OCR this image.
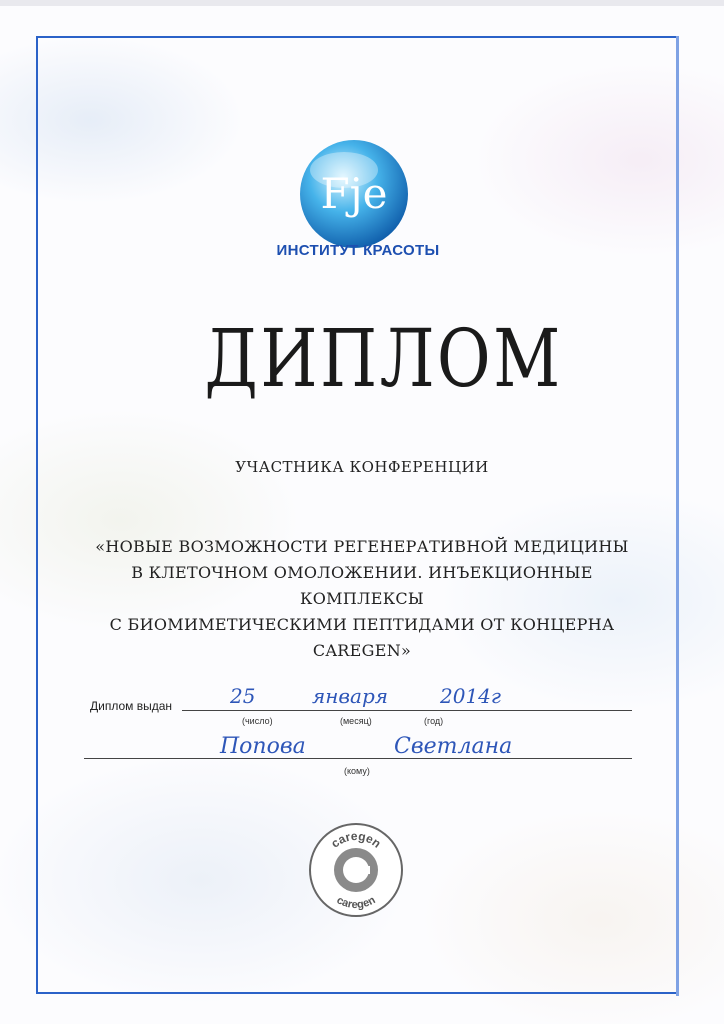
Fje
ИНСТИТУТ КРАСОТЫ
ДИПЛОМ
УЧАСТНИКА КОНФЕРЕНЦИИ
«НОВЫЕ ВОЗМОЖНОСТИ РЕГЕНЕРАТИВНОЙ МЕДИЦИНЫ
В КЛЕТОЧНОМ ОМОЛОЖЕНИИ. ИНЪЕКЦИОННЫЕ КОМПЛЕКСЫ
С БИОМИМЕТИЧЕСКИМИ ПЕПТИДАМИ ОТ КОНЦЕРНА CAREGEN»
Диплом выдан	25	января	2014г
(число)	(месяц)	(год)
Попова	Светлана
(кому)
caregen
caregen
